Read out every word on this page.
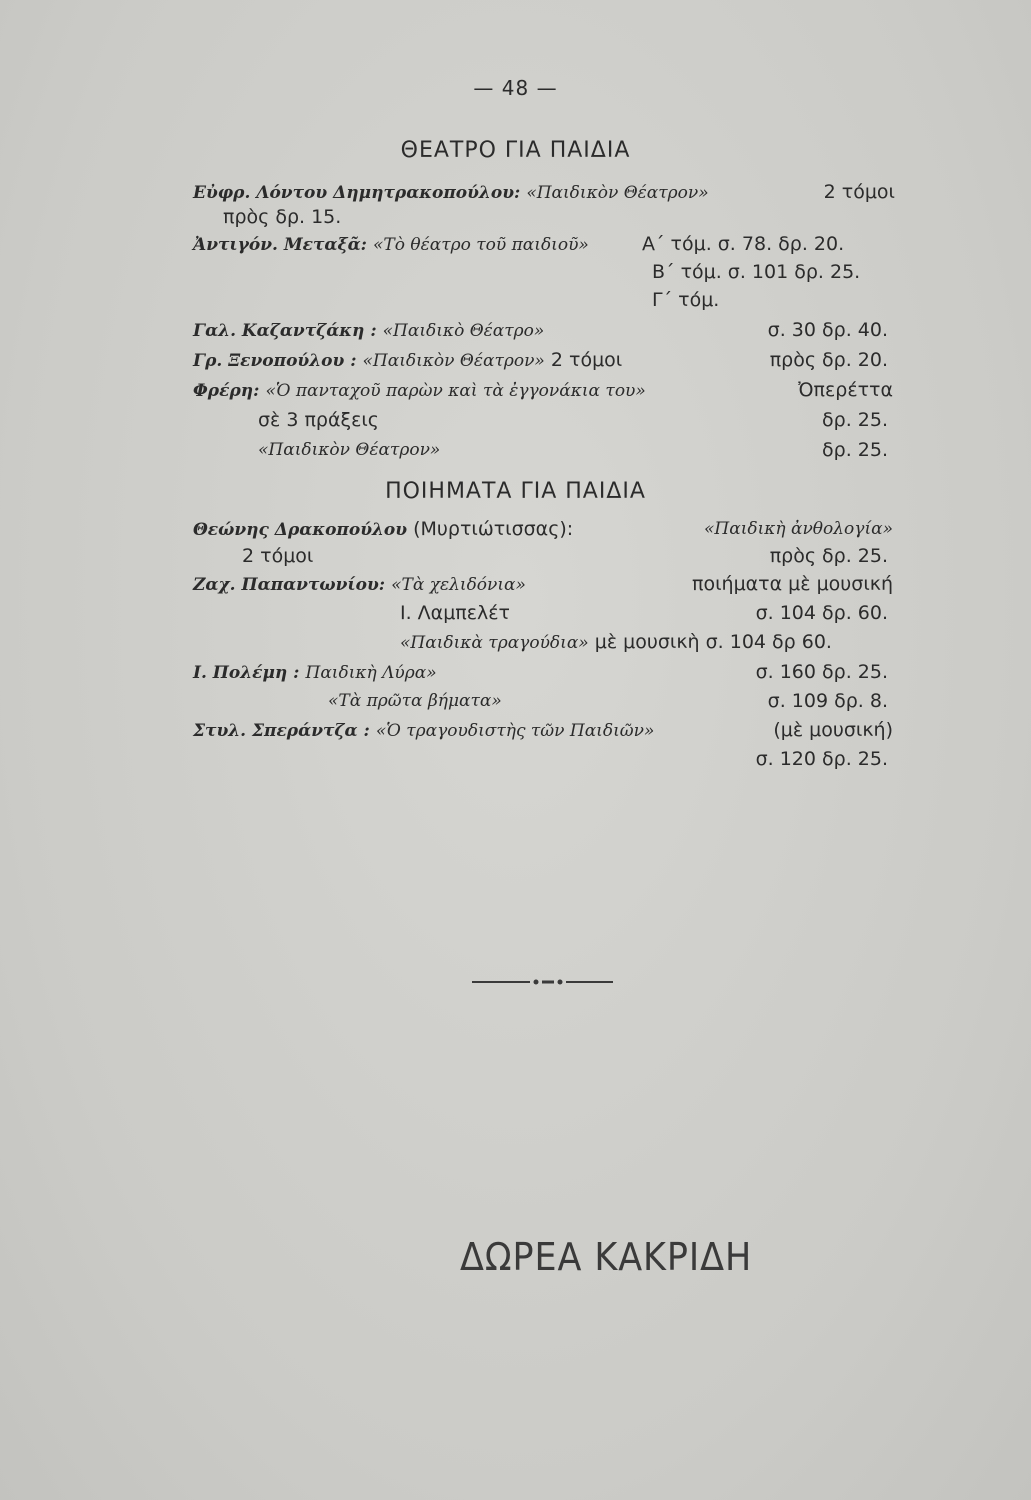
— 48 —
ΘΕΑΤΡΟ ΓΙΑ ΠΑΙΔΙΑ
Εὐφρ. Λόντου Δημητρακοπούλου: «Παιδικὸν Θέατρον»	2 τόμοι
πρὸς δρ. 15.
Ἀντιγόν. Μεταξᾶ: «Τὸ θέατρο τοῦ παιδιοῦ»	Α΄ τόμ. σ. 78. δρ. 20.
Β΄ τόμ. σ. 101 δρ. 25.
Γ΄ τόμ.
Γαλ. Καζαντζάκη : «Παιδικὸ Θέατρο»	σ. 30 δρ. 40.
Γρ. Ξενοπούλου : «Παιδικὸν Θέατρον» 2 τόμοι	πρὸς δρ. 20.
Φρέρη: «Ὁ πανταχοῦ παρὼν καὶ τὰ ἐγγονάκια του»	Ὀπερέττα
σὲ 3 πράξεις	δρ. 25.
«Παιδικὸν Θέατρον»	δρ. 25.
ΠΟΙΗΜΑΤΑ ΓΙΑ ΠΑΙΔΙΑ
Θεώνης Δρακοπούλου (Μυρτιώτισσας):	«Παιδικὴ ἀνθολογία»
2 τόμοι	πρὸς δρ. 25.
Ζαχ. Παπαντωνίου: «Τὰ χελιδόνια»	ποιήματα μὲ μουσική
Ι. Λαμπελέτ	σ. 104 δρ. 60.
«Παιδικὰ τραγούδια» μὲ μουσικὴ σ. 104 δρ 60.
Ι. Πολέμη : Παιδικὴ Λύρα»	σ. 160 δρ. 25.
«Τὰ πρῶτα βήματα»	σ. 109 δρ. 8.
Στυλ. Σπεράντζα : «Ὁ τραγουδιστὴς τῶν Παιδιῶν»	(μὲ μουσική)
σ. 120 δρ. 25.
ΔΩΡΕΑ ΚΑΚΡΙΔΗ
